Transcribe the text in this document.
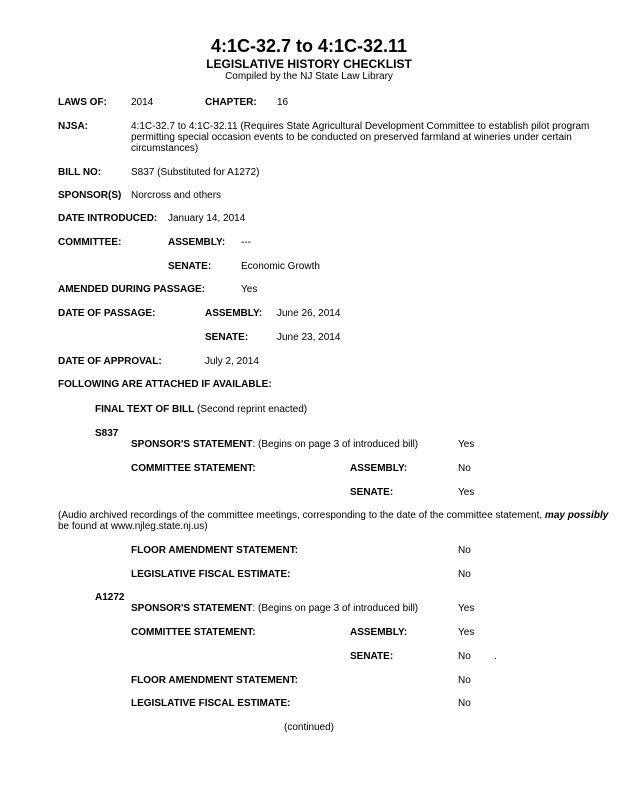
4:1C-32.7 to 4:1C-32.11
LEGISLATIVE HISTORY CHECKLIST
Compiled by the NJ State Law Library
LAWS OF: 2014	CHAPTER: 16
NJSA:	4:1C-32.7 to 4:1C-32.11 (Requires State Agricultural Development Committee to establish pilot program
permitting special occasion events to be conducted on preserved farmland at wineries under certain
circumstances)
BILL NO:	S837 (Substituted for A1272)
SPONSOR(S) Norcross and others
DATE INTRODUCED: January 14, 2014
COMMITTEE:	ASSEMBLY: ---
SENATE:	Economic Growth
AMENDED DURING PASSAGE:	Yes
DATE OF PASSAGE:	ASSEMBLY: June 26, 2014
SENATE:	June 23, 2014
DATE OF APPROVAL:	July 2, 2014
FOLLOWING ARE ATTACHED IF AVAILABLE:
FINAL TEXT OF BILL (Second reprint enacted)
S837
SPONSOR'S STATEMENT: (Begins on page 3 of introduced bill)	Yes
COMMITTEE STATEMENT:	ASSEMBLY:	No
SENATE:	Yes
(Audio archived recordings of the committee meetings, corresponding to the date of the committee statement, may possibly
be found at www.njleg.state.nj.us)
FLOOR AMENDMENT STATEMENT:	No
LEGISLATIVE FISCAL ESTIMATE:	No
A1272
SPONSOR'S STATEMENT: (Begins on page 3 of introduced bill)	Yes
COMMITTEE STATEMENT:	ASSEMBLY:	Yes
SENATE:	No .
FLOOR AMENDMENT STATEMENT:	No
LEGISLATIVE FISCAL ESTIMATE:	No
(continued)
